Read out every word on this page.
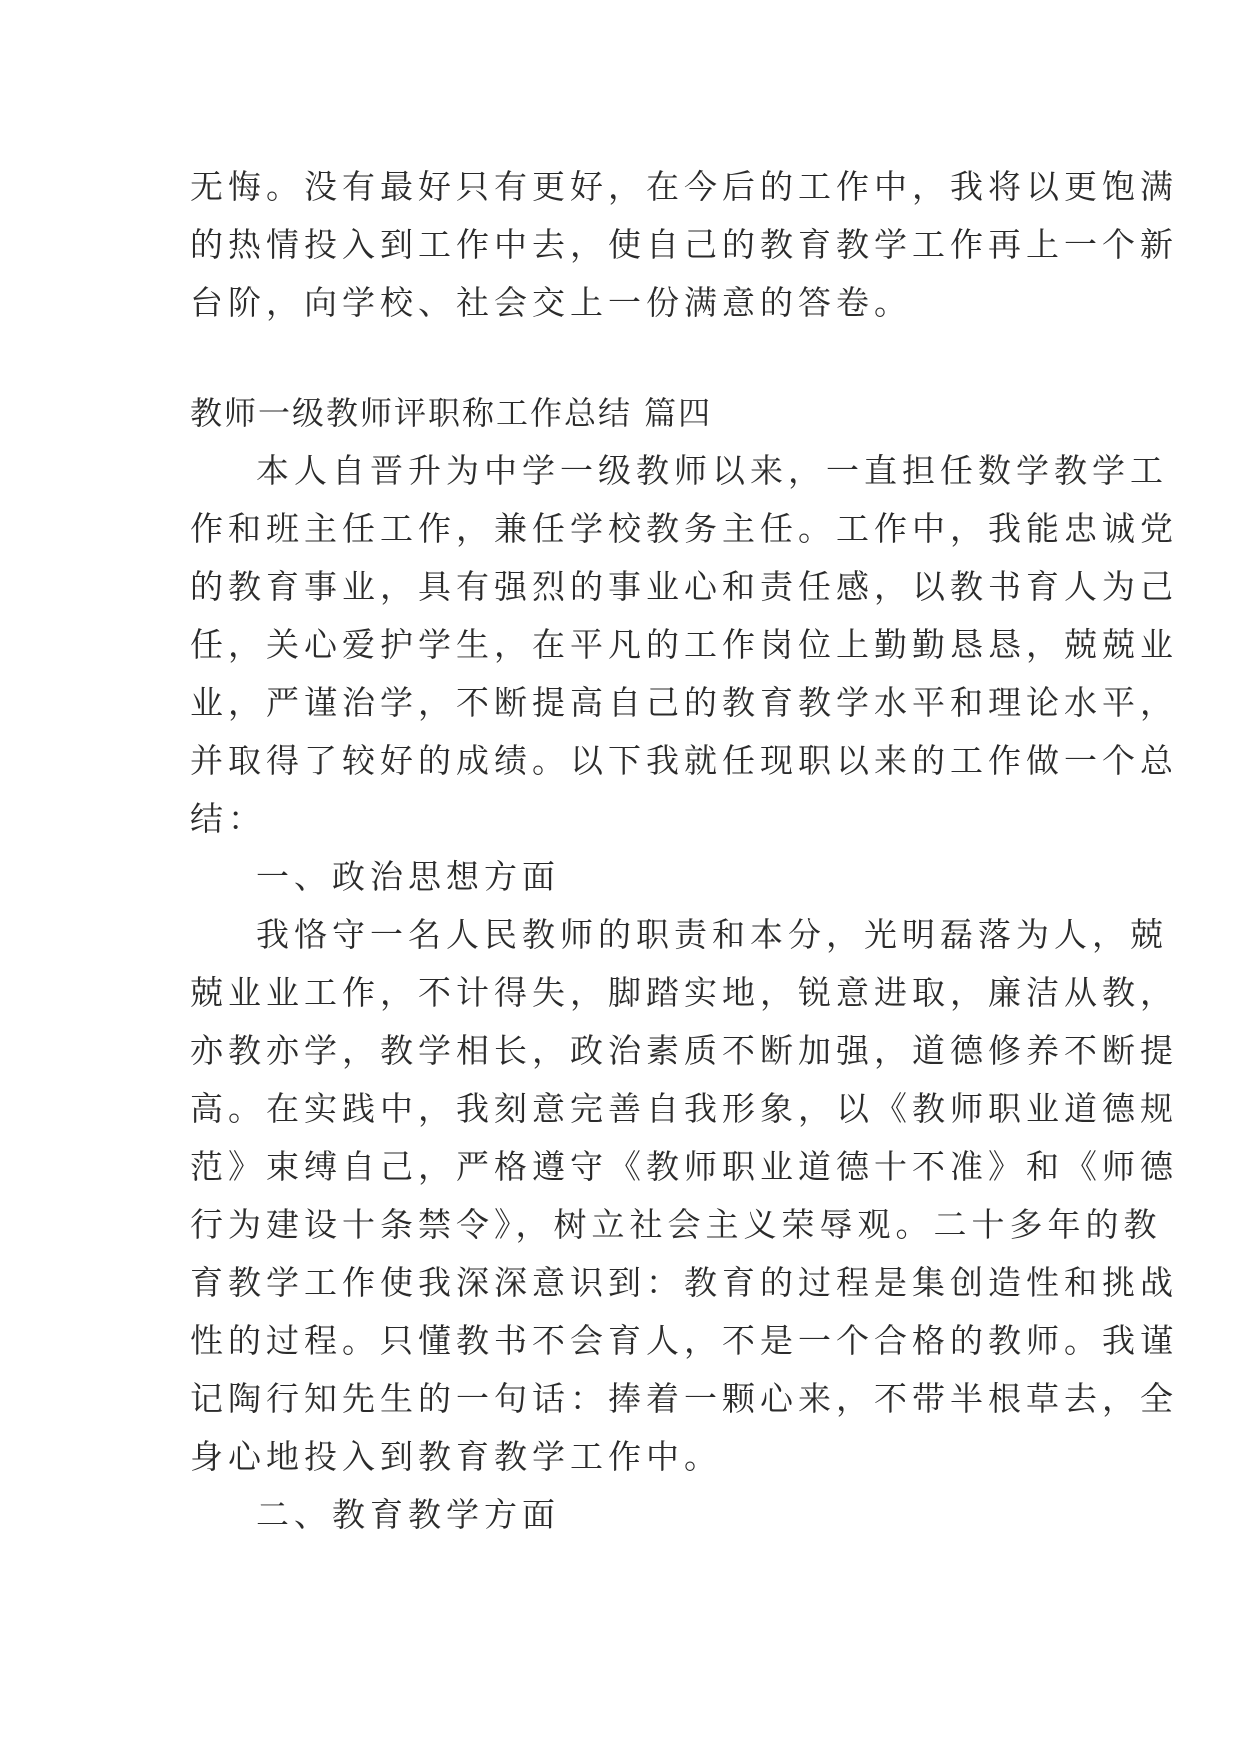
无悔。没有最好只有更好，在今后的工作中，我将以更饱满
的热情投入到工作中去，使自己的教育教学工作再上一个新
台阶，向学校、社会交上一份满意的答卷。
教师一级教师评职称工作总结 篇四
本人自晋升为中学一级教师以来，一直担任数学教学工
作和班主任工作，兼任学校教务主任。工作中，我能忠诚党
的教育事业，具有强烈的事业心和责任感，以教书育人为己
任，关心爱护学生，在平凡的工作岗位上勤勤恳恳，兢兢业
业，严谨治学，不断提高自己的教育教学水平和理论水平，
并取得了较好的成绩。以下我就任现职以来的工作做一个总
结：
一、政治思想方面
我恪守一名人民教师的职责和本分，光明磊落为人，兢
兢业业工作，不计得失，脚踏实地，锐意进取，廉洁从教，
亦教亦学，教学相长，政治素质不断加强，道德修养不断提
高。在实践中，我刻意完善自我形象，以《教师职业道德规
范》束缚自己，严格遵守《教师职业道德十不准》和《师德
行为建设十条禁令》，树立社会主义荣辱观。二十多年的教
育教学工作使我深深意识到：教育的过程是集创造性和挑战
性的过程。只懂教书不会育人，不是一个合格的教师。我谨
记陶行知先生的一句话：捧着一颗心来，不带半根草去，全
身心地投入到教育教学工作中。
二、教育教学方面
